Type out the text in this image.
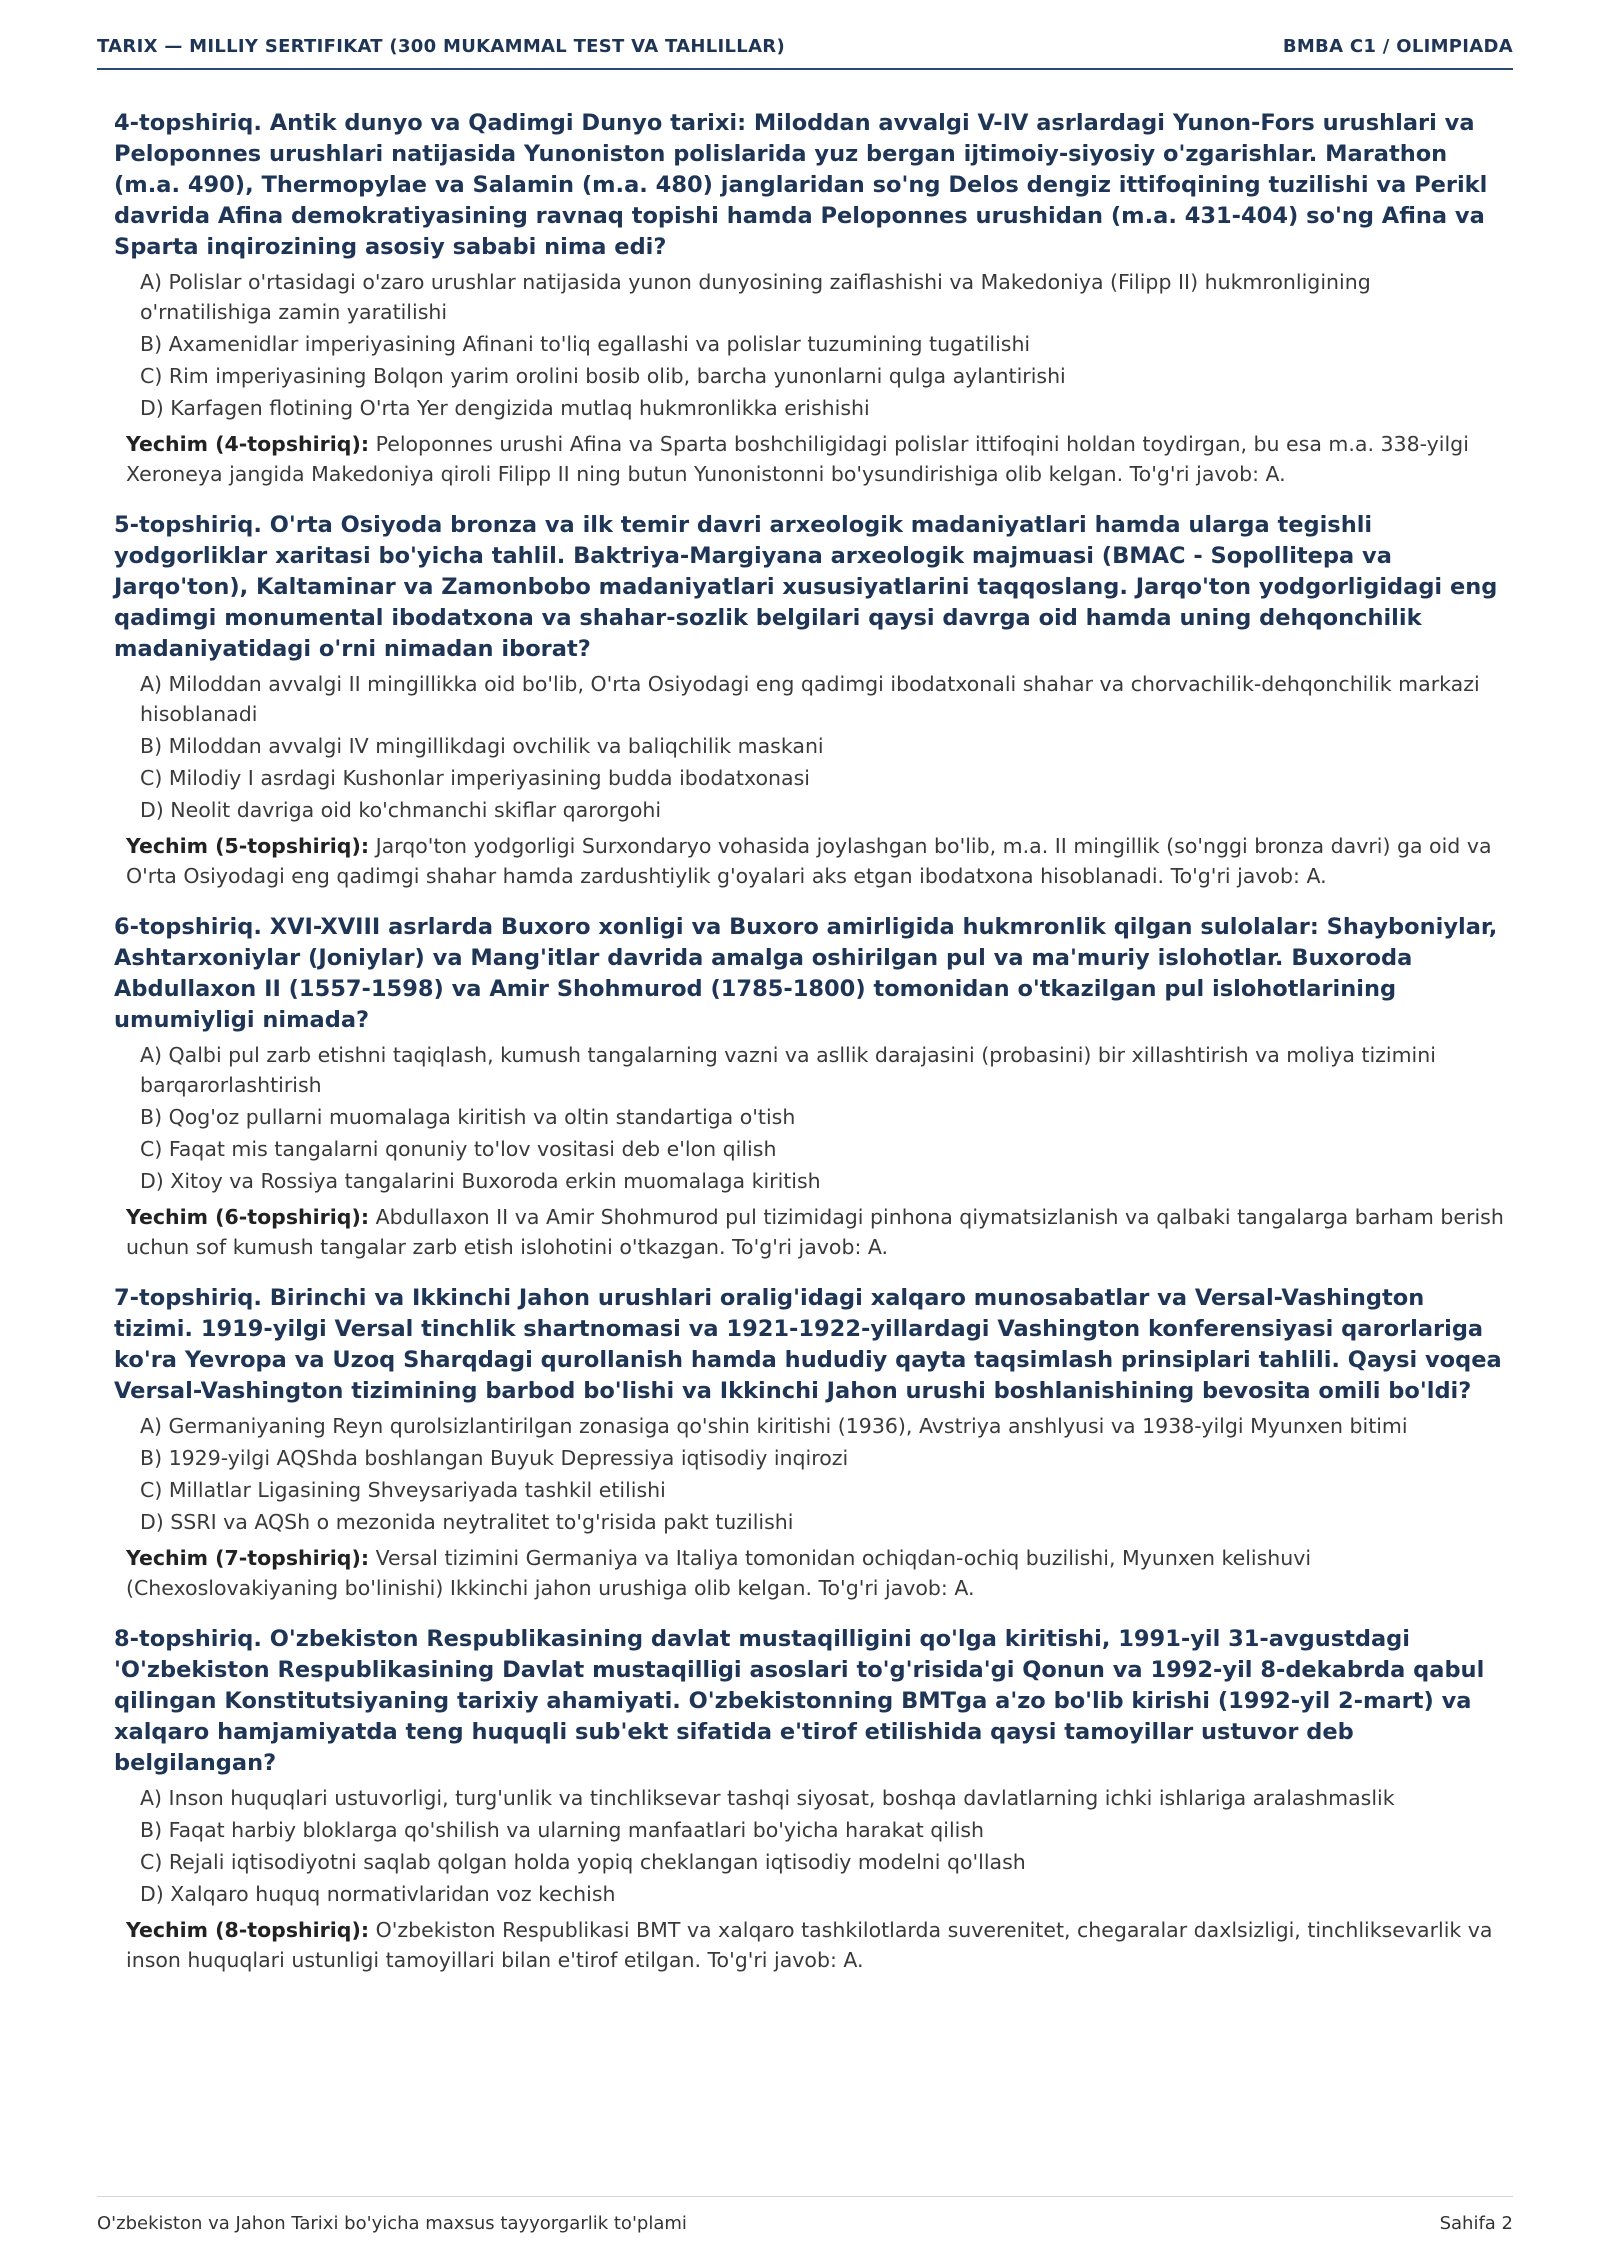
TARIX — MILLIY SERTIFIKAT (300 MUKAMMAL TEST VA TAHLILLAR)	BMBA C1 / OLIMPIADA
4-topshiriq. Antik dunyo va Qadimgi Dunyo tarixi: Miloddan avvalgi V-IV asrlardagi Yunon-Fors urushlari va Peloponnes urushlari natijasida Yunoniston polislarida yuz bergan ijtimoiy-siyosiy o'zgarishlar. Marathon (m.a. 490), Thermopylae va Salamin (m.a. 480) janglaridan so'ng Delos dengiz ittifoqining tuzilishi va Perikl davrida Afina demokratiyasining ravnaq topishi hamda Peloponnes urushidan (m.a. 431-404) so'ng Afina va Sparta inqirozining asosiy sababi nima edi?
A) Polislar o'rtasidagi o'zaro urushlar natijasida yunon dunyosining zaiflashishi va Makedoniya (Filipp II) hukmronligining o'rnatilishiga zamin yaratilishi
B) Axamenidlar imperiyasining Afinani to'liq egallashi va polislar tuzumining tugatilishi
C) Rim imperiyasining Bolqon yarim orolini bosib olib, barcha yunonlarni qulga aylantirishi
D) Karfagen flotining O'rta Yer dengizida mutlaq hukmronlikka erishishi
Yechim (4-topshiriq): Peloponnes urushi Afina va Sparta boshchiligidagi polislar ittifoqini holdan toydirgan, bu esa m.a. 338-yilgi Xeroneya jangida Makedoniya qiroli Filipp II ning butun Yunonistonni bo'ysundirishiga olib kelgan. To'g'ri javob: A.
5-topshiriq. O'rta Osiyoda bronza va ilk temir davri arxeologik madaniyatlari hamda ularga tegishli yodgorliklar xaritasi bo'yicha tahlil. Baktriya-Margiyana arxeologik majmuasi (BMAC - Sopollitepa va Jarqo'ton), Kaltaminar va Zamonbobo madaniyatlari xususiyatlarini taqqoslang. Jarqo'ton yodgorligidagi eng qadimgi monumental ibodatxona va shahar-sozlik belgilari qaysi davrga oid hamda uning dehqonchilik madaniyatidagi o'rni nimadan iborat?
A) Miloddan avvalgi II mingillikka oid bo'lib, O'rta Osiyodagi eng qadimgi ibodatxonali shahar va chorvachilik-dehqonchilik markazi hisoblanadi
B) Miloddan avvalgi IV mingillikdagi ovchilik va baliqchilik maskani
C) Milodiy I asrdagi Kushonlar imperiyasining budda ibodatxonasi
D) Neolit davriga oid ko'chmanchi skiflar qarorgohi
Yechim (5-topshiriq): Jarqo'ton yodgorligi Surxondaryo vohasida joylashgan bo'lib, m.a. II mingillik (so'nggi bronza davri) ga oid va O'rta Osiyodagi eng qadimgi shahar hamda zardushtiylik g'oyalari aks etgan ibodatxona hisoblanadi. To'g'ri javob: A.
6-topshiriq. XVI-XVIII asrlarda Buxoro xonligi va Buxoro amirligida hukmronlik qilgan sulolalar: Shayboniylar, Ashtarxoniylar (Joniylar) va Mang'itlar davrida amalga oshirilgan pul va ma'muriy islohotlar. Buxoroda Abdullaxon II (1557-1598) va Amir Shohmurod (1785-1800) tomonidan o'tkazilgan pul islohotlarining umumiyligi nimada?
A) Qalbi pul zarb etishni taqiqlash, kumush tangalarning vazni va asllik darajasini (probasini) bir xillashtirish va moliya tizimini barqarorlashtirish
B) Qog'oz pullarni muomalaga kiritish va oltin standartiga o'tish
C) Faqat mis tangalarni qonuniy to'lov vositasi deb e'lon qilish
D) Xitoy va Rossiya tangalarini Buxoroda erkin muomalaga kiritish
Yechim (6-topshiriq): Abdullaxon II va Amir Shohmurod pul tizimidagi pinhona qiymatsizlanish va qalbaki tangalarga barham berish uchun sof kumush tangalar zarb etish islohotini o'tkazgan. To'g'ri javob: A.
7-topshiriq. Birinchi va Ikkinchi Jahon urushlari oralig'idagi xalqaro munosabatlar va Versal-Vashington tizimi. 1919-yilgi Versal tinchlik shartnomasi va 1921-1922-yillardagi Vashington konferensiyasi qarorlariga ko'ra Yevropa va Uzoq Sharqdagi qurollanish hamda hududiy qayta taqsimlash prinsiplari tahlili. Qaysi voqea Versal-Vashington tizimining barbod bo'lishi va Ikkinchi Jahon urushi boshlanishining bevosita omili bo'ldi?
A) Germaniyaning Reyn qurolsizlantirilgan zonasiga qo'shin kiritishi (1936), Avstriya anshlyusi va 1938-yilgi Myunxen bitimi
B) 1929-yilgi AQShda boshlangan Buyuk Depressiya iqtisodiy inqirozi
C) Millatlar Ligasining Shveysariyada tashkil etilishi
D) SSRI va AQSh o mezonida neytralitet to'g'risida pakt tuzilishi
Yechim (7-topshiriq): Versal tizimini Germaniya va Italiya tomonidan ochiqdan-ochiq buzilishi, Myunxen kelishuvi (Chexoslovakiyaning bo'linishi) Ikkinchi jahon urushiga olib kelgan. To'g'ri javob: A.
8-topshiriq. O'zbekiston Respublikasining davlat mustaqilligini qo'lga kiritishi, 1991-yil 31-avgustdagi 'O'zbekiston Respublikasining Davlat mustaqilligi asoslari to'g'risida'gi Qonun va 1992-yil 8-dekabrda qabul qilingan Konstitutsiyaning tarixiy ahamiyati. O'zbekistonning BMTga a'zo bo'lib kirishi (1992-yil 2-mart) va xalqaro hamjamiyatda teng huquqli sub'ekt sifatida e'tirof etilishida qaysi tamoyillar ustuvor deb belgilangan?
A) Inson huquqlari ustuvorligi, turg'unlik va tinchliksevar tashqi siyosat, boshqa davlatlarning ichki ishlariga aralashmaslik
B) Faqat harbiy bloklarga qo'shilish va ularning manfaatlari bo'yicha harakat qilish
C) Rejali iqtisodiyotni saqlab qolgan holda yopiq cheklangan iqtisodiy modelni qo'llash
D) Xalqaro huquq normativlaridan voz kechish
Yechim (8-topshiriq): O'zbekiston Respublikasi BMT va xalqaro tashkilotlarda suverenitet, chegaralar daxlsizligi, tinchliksevarlik va inson huquqlari ustunligi tamoyillari bilan e'tirof etilgan. To'g'ri javob: A.
O'zbekiston va Jahon Tarixi bo'yicha maxsus tayyorgarlik to'plami	Sahifa 2
